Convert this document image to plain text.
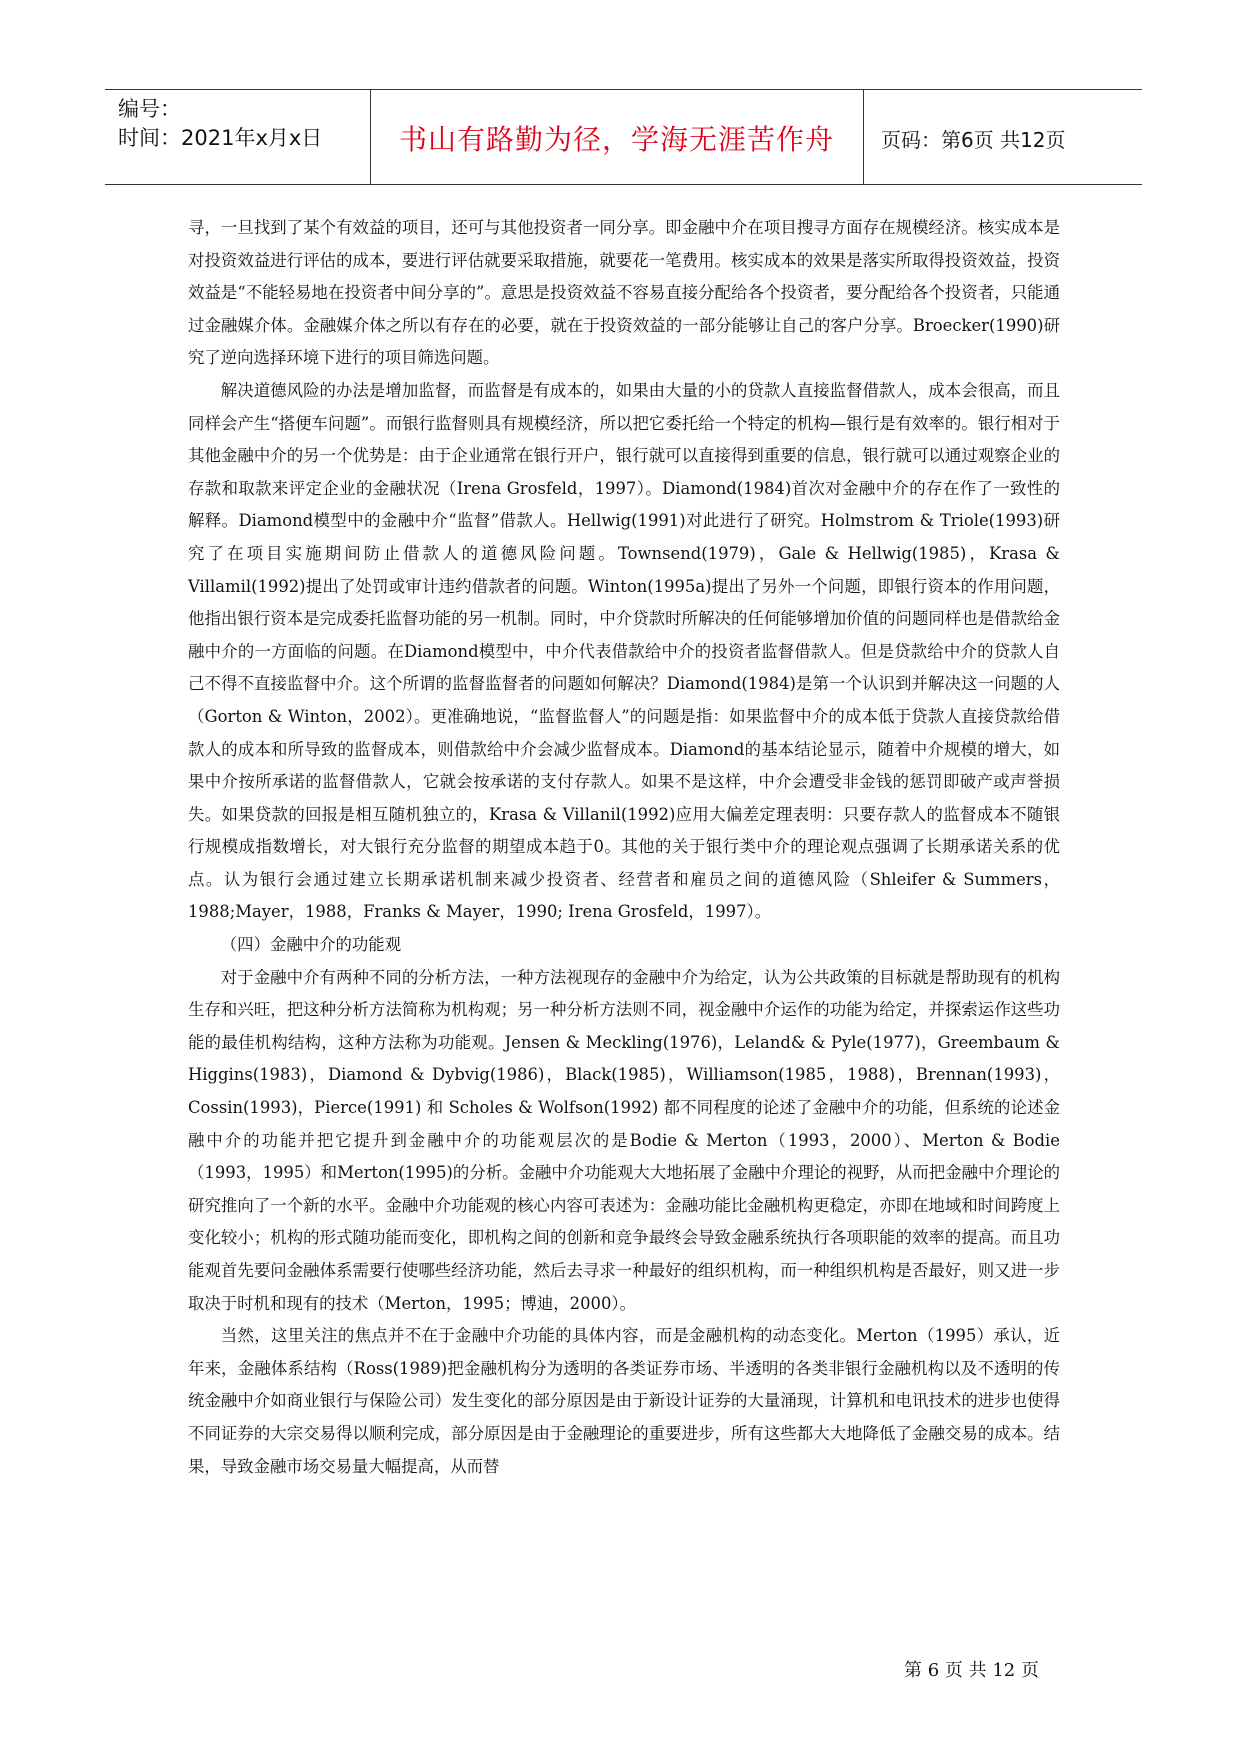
编号：
时间：2021年x月x日	书山有路勤为径，学海无涯苦作舟	页码：第6页 共12页

寻，一旦找到了某个有效益的项目，还可与其他投资者一同分享。即金融中介在项目搜寻方面存在规模经济。核实成本是对投资效益进行评估的成本，要进行评估就要采取措施，就要花一笔费用。核实成本的效果是落实所取得投资效益，投资效益是“不能轻易地在投资者中间分享的”。意思是投资效益不容易直接分配给各个投资者，要分配给各个投资者，只能通过金融媒介体。金融媒介体之所以有存在的必要，就在于投资效益的一部分能够让自己的客户分享。Broecker(1990)研究了逆向选择环境下进行的项目筛选问题。

解决道德风险的办法是增加监督，而监督是有成本的，如果由大量的小的贷款人直接监督借款人，成本会很高，而且同样会产生“搭便车问题”。而银行监督则具有规模经济，所以把它委托给一个特定的机构—银行是有效率的。银行相对于其他金融中介的另一个优势是：由于企业通常在银行开户，银行就可以直接得到重要的信息，银行就可以通过观察企业的存款和取款来评定企业的金融状况（Irena Grosfeld，1997）。Diamond(1984)首次对金融中介的存在作了一致性的解释。Diamond模型中的金融中介“监督”借款人。Hellwig(1991)对此进行了研究。Holmstrom & Triole(1993)研究了在项目实施期间防止借款人的道德风险问题。Townsend(1979)，Gale & Hellwig(1985)，Krasa & Villamil(1992)提出了处罚或审计违约借款者的问题。Winton(1995a)提出了另外一个问题，即银行资本的作用问题，他指出银行资本是完成委托监督功能的另一机制。同时，中介贷款时所解决的任何能够增加价值的问题同样也是借款给金融中介的一方面临的问题。在Diamond模型中，中介代表借款给中介的投资者监督借款人。但是贷款给中介的贷款人自己不得不直接监督中介。这个所谓的监督监督者的问题如何解决？Diamond(1984)是第一个认识到并解决这一问题的人（Gorton & Winton，2002）。更准确地说，“监督监督人”的问题是指：如果监督中介的成本低于贷款人直接贷款给借款人的成本和所导致的监督成本，则借款给中介会减少监督成本。Diamond的基本结论显示，随着中介规模的增大，如果中介按所承诺的监督借款人，它就会按承诺的支付存款人。如果不是这样，中介会遭受非金钱的惩罚即破产或声誉损失。如果贷款的回报是相互随机独立的，Krasa & Villanil(1992)应用大偏差定理表明：只要存款人的监督成本不随银行规模成指数增长，对大银行充分监督的期望成本趋于0。其他的关于银行类中介的理论观点强调了长期承诺关系的优点。认为银行会通过建立长期承诺机制来减少投资者、经营者和雇员之间的道德风险（Shleifer & Summers，1988;Mayer，1988，Franks & Mayer，1990; Irena Grosfeld，1997）。

（四）金融中介的功能观

对于金融中介有两种不同的分析方法，一种方法视现存的金融中介为给定，认为公共政策的目标就是帮助现有的机构生存和兴旺，把这种分析方法简称为机构观；另一种分析方法则不同，视金融中介运作的功能为给定，并探索运作这些功能的最佳机构结构，这种方法称为功能观。Jensen & Meckling(1976)，Leland& & Pyle(1977)，Greembaum & Higgins(1983)，Diamond & Dybvig(1986)，Black(1985)，Williamson(1985，1988)，Brennan(1993)，Cossin(1993)，Pierce(1991) 和 Scholes & Wolfson(1992) 都不同程度的论述了金融中介的功能，但系统的论述金融中介的功能并把它提升到金融中介的功能观层次的是Bodie & Merton（1993，2000）、Merton & Bodie（1993，1995）和Merton(1995)的分析。金融中介功能观大大地拓展了金融中介理论的视野，从而把金融中介理论的研究推向了一个新的水平。金融中介功能观的核心内容可表述为：金融功能比金融机构更稳定，亦即在地域和时间跨度上变化较小；机构的形式随功能而变化，即机构之间的创新和竞争最终会导致金融系统执行各项职能的效率的提高。而且功能观首先要问金融体系需要行使哪些经济功能，然后去寻求一种最好的组织机构，而一种组织机构是否最好，则又进一步取决于时机和现有的技术（Merton，1995；博迪，2000）。

当然，这里关注的焦点并不在于金融中介功能的具体内容，而是金融机构的动态变化。Merton（1995）承认，近年来，金融体系结构（Ross(1989)把金融机构分为透明的各类证券市场、半透明的各类非银行金融机构以及不透明的传统金融中介如商业银行与保险公司）发生变化的部分原因是由于新设计证券的大量涌现，计算机和电讯技术的进步也使得不同证券的大宗交易得以顺利完成，部分原因是由于金融理论的重要进步，所有这些都大大地降低了金融交易的成本。结果，导致金融市场交易量大幅提高，从而替

第 6 页 共 12 页
